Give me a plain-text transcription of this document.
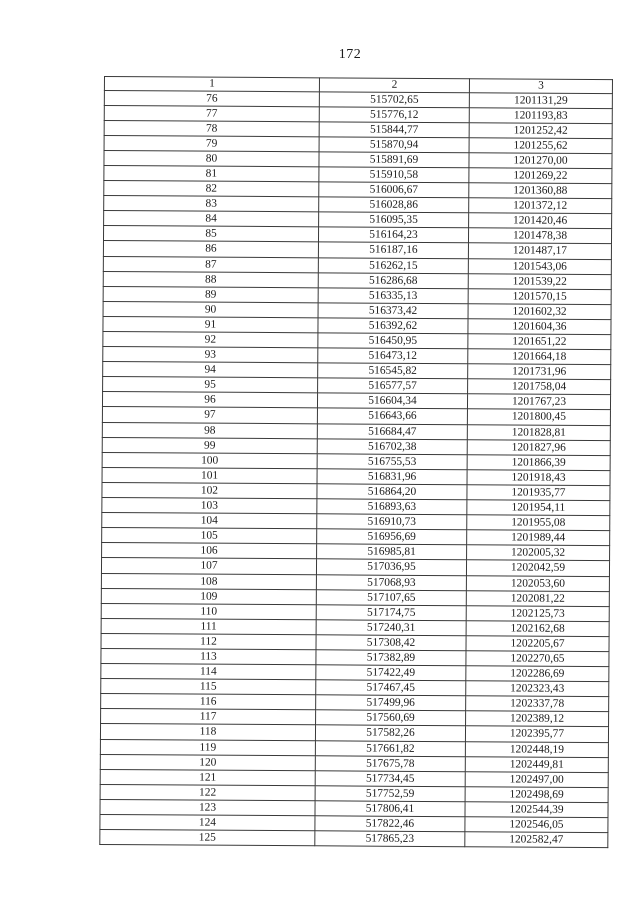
172
1	2	3
76	515702,65	1201131,29
77	515776,12	1201193,83
78	515844,77	1201252,42
79	515870,94	1201255,62
80	515891,69	1201270,00
81	515910,58	1201269,22
82	516006,67	1201360,88
83	516028,86	1201372,12
84	516095,35	1201420,46
85	516164,23	1201478,38
86	516187,16	1201487,17
87	516262,15	1201543,06
88	516286,68	1201539,22
89	516335,13	1201570,15
90	516373,42	1201602,32
91	516392,62	1201604,36
92	516450,95	1201651,22
93	516473,12	1201664,18
94	516545,82	1201731,96
95	516577,57	1201758,04
96	516604,34	1201767,23
97	516643,66	1201800,45
98	516684,47	1201828,81
99	516702,38	1201827,96
100	516755,53	1201866,39
101	516831,96	1201918,43
102	516864,20	1201935,77
103	516893,63	1201954,11
104	516910,73	1201955,08
105	516956,69	1201989,44
106	516985,81	1202005,32
107	517036,95	1202042,59
108	517068,93	1202053,60
109	517107,65	1202081,22
110	517174,75	1202125,73
111	517240,31	1202162,68
112	517308,42	1202205,67
113	517382,89	1202270,65
114	517422,49	1202286,69
115	517467,45	1202323,43
116	517499,96	1202337,78
117	517560,69	1202389,12
118	517582,26	1202395,77
119	517661,82	1202448,19
120	517675,78	1202449,81
121	517734,45	1202497,00
122	517752,59	1202498,69
123	517806,41	1202544,39
124	517822,46	1202546,05
125	517865,23	1202582,47
